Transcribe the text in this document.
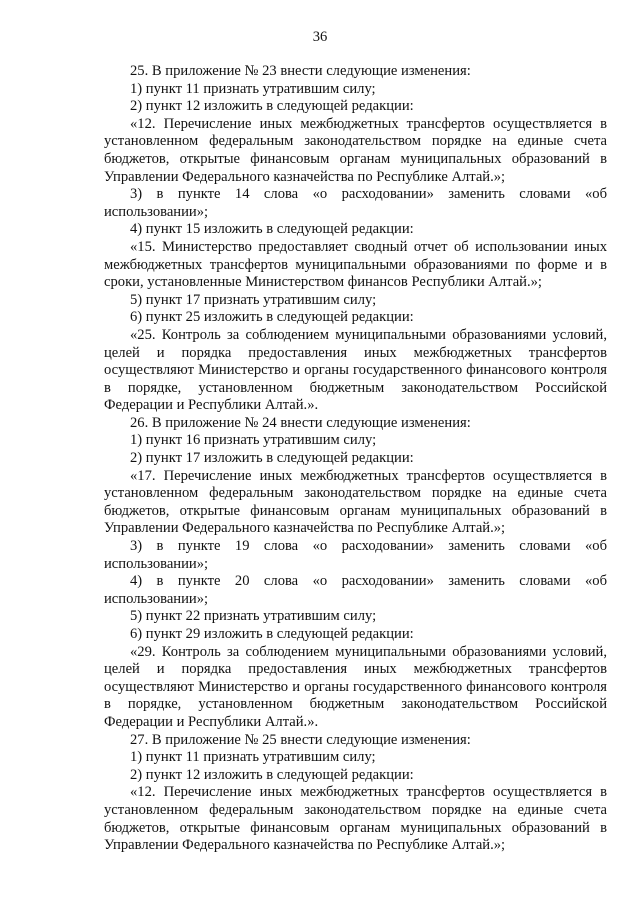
36

25. В приложение № 23 внести следующие изменения:

1) пункт 11 признать утратившим силу;

2) пункт 12 изложить в следующей редакции:

«12. Перечисление иных межбюджетных трансфертов осуществляется в установленном федеральным законодательством порядке на единые счета бюджетов, открытые финансовым органам муниципальных образований в Управлении Федерального казначейства по Республике Алтай.»;

3) в пункте 14 слова «о расходовании» заменить словами «об использовании»;

4) пункт 15 изложить в следующей редакции:

«15. Министерство предоставляет сводный отчет об использовании иных межбюджетных трансфертов муниципальными образованиями по форме и в сроки, установленные Министерством финансов Республики Алтай.»;

5) пункт 17 признать утратившим силу;

6) пункт 25 изложить в следующей редакции:

«25. Контроль за соблюдением муниципальными образованиями условий, целей и порядка предоставления иных межбюджетных трансфертов осуществляют Министерство и органы государственного финансового контроля в порядке, установленном бюджетным законодательством Российской Федерации и Республики Алтай.».

26. В приложение № 24 внести следующие изменения:

1) пункт 16 признать утратившим силу;

2) пункт 17 изложить в следующей редакции:

«17. Перечисление иных межбюджетных трансфертов осуществляется в установленном федеральным законодательством порядке на единые счета бюджетов, открытые финансовым органам муниципальных образований в Управлении Федерального казначейства по Республике Алтай.»;

3) в пункте 19 слова «о расходовании» заменить словами «об использовании»;

4) в пункте 20 слова «о расходовании» заменить словами «об использовании»;

5) пункт 22 признать утратившим силу;

6) пункт 29 изложить в следующей редакции:

«29. Контроль за соблюдением муниципальными образованиями условий, целей и порядка предоставления иных межбюджетных трансфертов осуществляют Министерство и органы государственного финансового контроля в порядке, установленном бюджетным законодательством Российской Федерации и Республики Алтай.».

27. В приложение № 25 внести следующие изменения:

1) пункт 11 признать утратившим силу;

2) пункт 12 изложить в следующей редакции:

«12. Перечисление иных межбюджетных трансфертов осуществляется в установленном федеральным законодательством порядке на единые счета бюджетов, открытые финансовым органам муниципальных образований в Управлении Федерального казначейства по Республике Алтай.»;
